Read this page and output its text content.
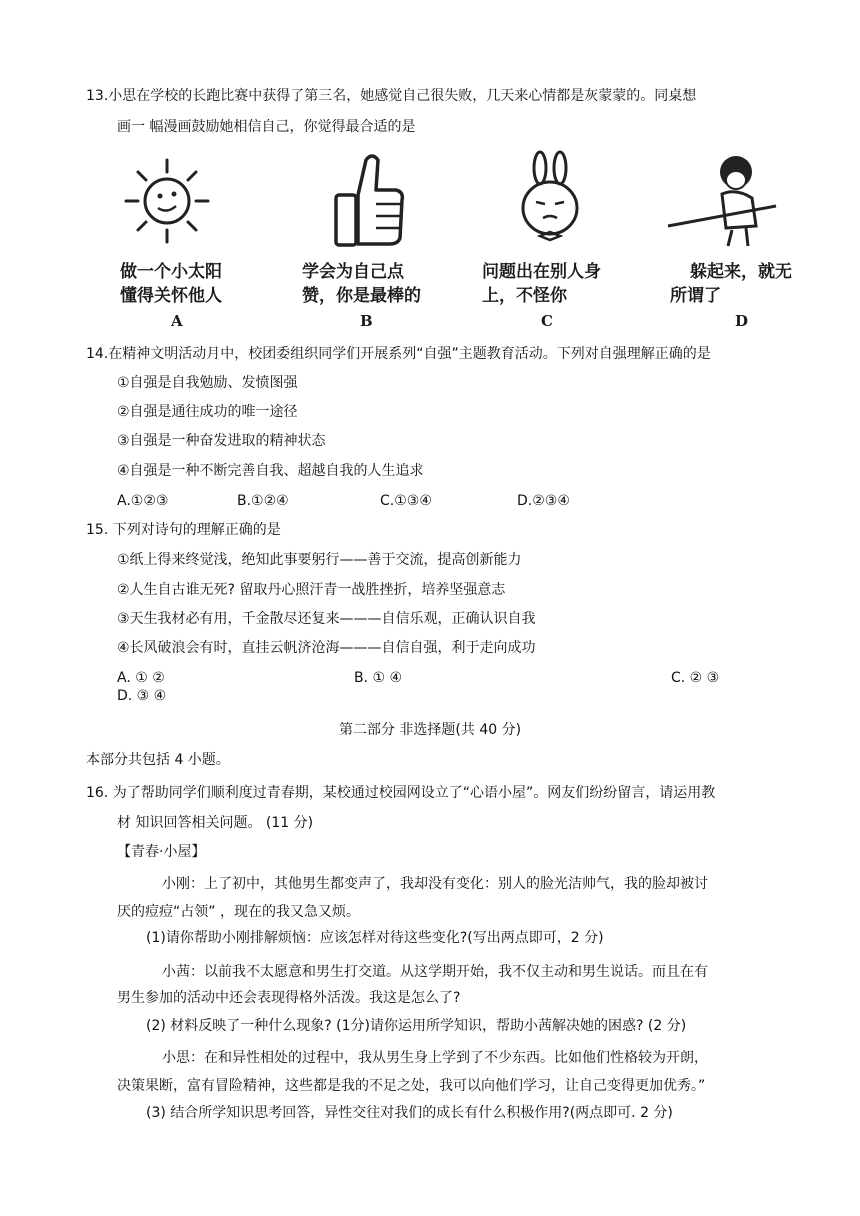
13.小思在学校的长跑比赛中获得了第三名，她感觉自己很失败，几天来心情都是灰蒙蒙的。同桌想
画一 幅漫画鼓励她相信自己，你觉得最合适的是
做一个小太阳
懂得关怀他人
A
学会为自己点
赞，你是最棒的
B
问题出在别人身
上，不怪你
C
躲起来，就无
所谓了
D
14.在精神文明活动月中，校团委组织同学们开展系列“自强”主题教育活动。下列对自强理解正确的是
①自强是自我勉励、发愤图强
②自强是通往成功的唯一途径
③自强是一种奋发进取的精神状态
④自强是一种不断完善自我、超越自我的人生追求
A.①②③	B.①②④	C.①③④	D.②③④
15. 下列对诗句的理解正确的是
①纸上得来终觉浅，绝知此事要躬行——善于交流，提高创新能力
②人生自古谁无死? 留取丹心照汗青一战胜挫折，培养坚强意志
③天生我材必有用，千金散尽还复来———自信乐观，正确认识自我
④长风破浪会有时，直挂云帆济沧海———自信自强，利于走向成功
A. ① ②	B. ① ④	C. ② ③
D. ③ ④
第二部分 非选择题(共 40 分)
本部分共包括 4 小题。
16. 为了帮助同学们顺利度过青春期，某校通过校园网设立了“心语小屋”。网友们纷纷留言，请运用教
材 知识回答相关问题。 (11 分)
【青春·小屋】
小刚：上了初中，其他男生都变声了，我却没有变化：别人的脸光洁帅气，我的脸却被讨
厌的痘痘“占领” ，现在的我又急又烦。
(1)请你帮助小刚排解烦恼：应该怎样对待这些变化?(写出两点即可，2 分)
小茜：以前我不太愿意和男生打交道。从这学期开始，我不仅主动和男生说话。而且在有
男生参加的活动中还会表现得格外活泼。我这是怎么了?
(2) 材料反映了一种什么现象? (1分)请你运用所学知识，帮助小茜解决她的困惑? (2 分)
小思：在和异性相处的过程中，我从男生身上学到了不少东西。比如他们性格较为开朗，
决策果断，富有冒险精神，这些都是我的不足之处，我可以向他们学习，让自己变得更加优秀。”
(3) 结合所学知识思考回答，异性交往对我们的成长有什么积极作用?(两点即可. 2 分)
